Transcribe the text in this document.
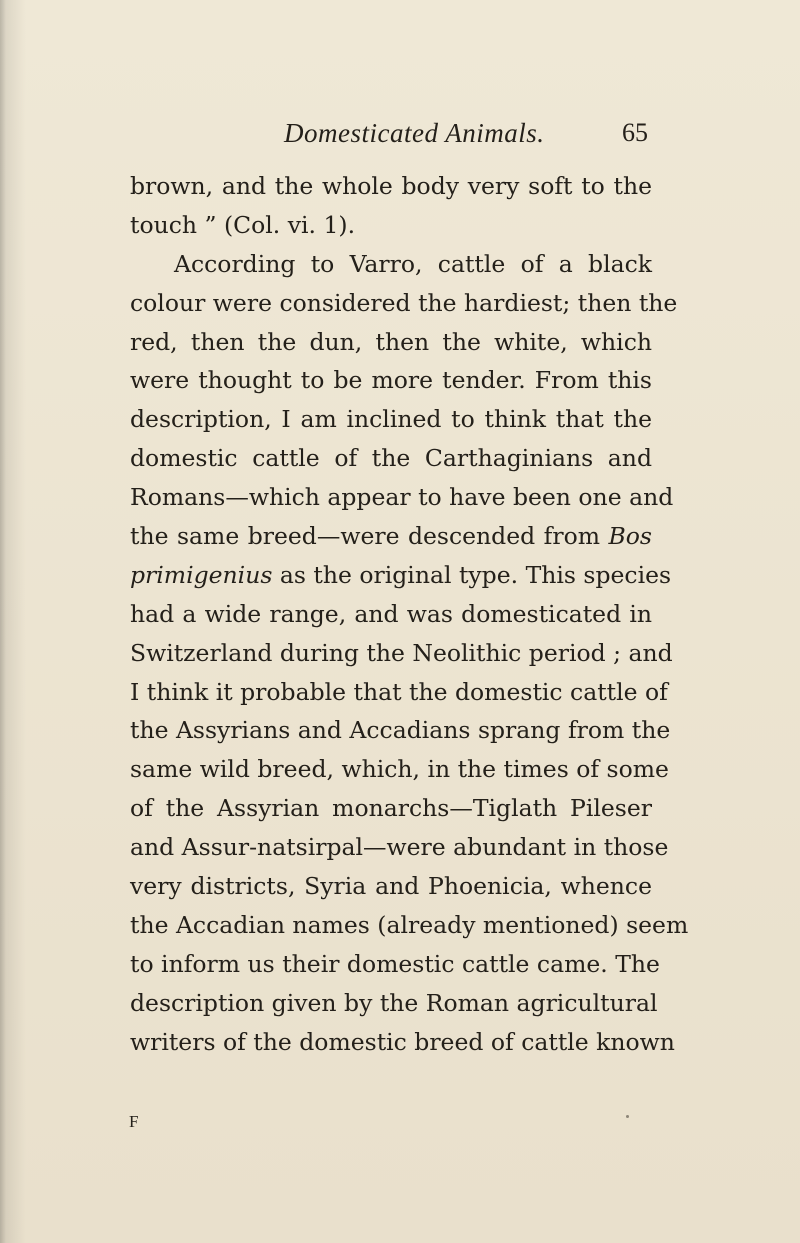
Domesticated Animals.	65
brown, and the whole body very soft to the
touch ” (Col. vi. 1).
According to Varro, cattle of a black
colour were considered the hardiest; then the
red, then the dun, then the white, which
were thought to be more tender. From this
description, I am inclined to think that the
domestic cattle of the Carthaginians and
Romans—which appear to have been one and
the same breed—were descended from Bos
primigenius as the original type. This species
had a wide range, and was domesticated in
Switzerland during the Neolithic period ; and
I think it probable that the domestic cattle of
the Assyrians and Accadians sprang from the
same wild breed, which, in the times of some
of the Assyrian monarchs—Tiglath Pileser
and Assur-natsirpal—were abundant in those
very districts, Syria and Phoenicia, whence
the Accadian names (already mentioned) seem
to inform us their domestic cattle came. The
description given by the Roman agricultural
writers of the domestic breed of cattle known
F
